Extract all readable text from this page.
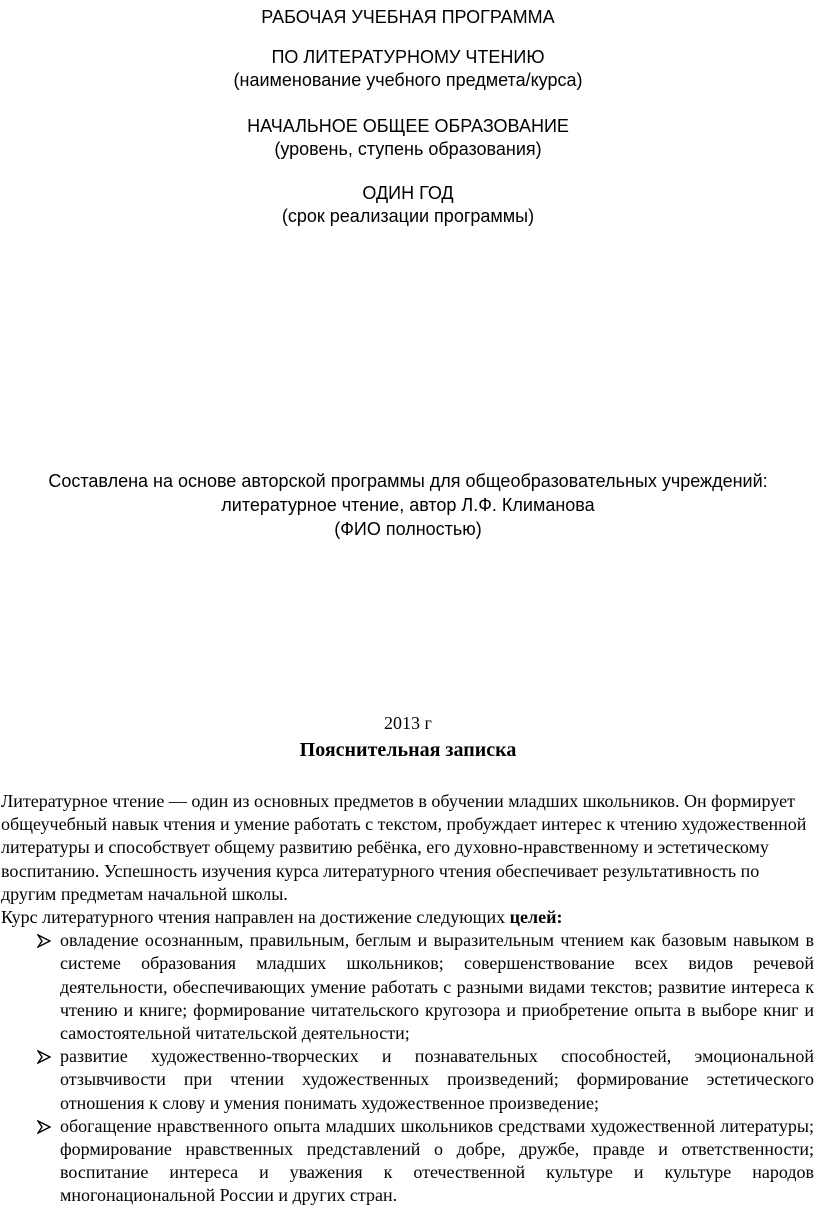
РАБОЧАЯ УЧЕБНАЯ ПРОГРАММА
ПО ЛИТЕРАТУРНОМУ ЧТЕНИЮ
(наименование учебного предмета/курса)
НАЧАЛЬНОЕ ОБЩЕЕ ОБРАЗОВАНИЕ
(уровень, ступень образования)
ОДИН ГОД
(срок реализации программы)
Составлена на основе авторской программы для общеобразовательных учреждений:
литературное чтение, автор Л.Ф. Климанова
(ФИО полностью)
2013 г
Пояснительная записка

Литературное чтение — один из основных предметов в обучении младших школьников. Он формирует общеучебный навык чтения и умение работать с текстом, пробуждает интерес к чтению художественной литературы и способствует общему развитию ребёнка, его духовно-нравственному и эстетическому воспитанию. Успешность изучения курса литературного чтения обеспечивает результативность по другим предметам начальной школы.

Курс литературного чтения направлен на достижение следующих целей:

овладение осознанным, правильным, беглым и выразительным чтением как базовым навыком в системе образования младших школьников; совершенствование всех видов речевой деятельности, обеспечивающих умение работать с разными видами текстов; развитие интереса к чтению и книге; формирование читательского кругозора и приобретение опыта в выборе книг и самостоятельной читательской деятельности;
развитие художественно-творческих и познавательных способностей, эмоциональной отзывчивости при чтении художественных произведений; формирование эстетического отношения к слову и умения понимать художественное произведение;
обогащение нравственного опыта младших школьников средствами художественной литературы; формирование нравственных представлений о добре, дружбе, правде и ответственности; воспитание интереса и уважения к отечественной культуре и культуре народов многонациональной России и других стран.
